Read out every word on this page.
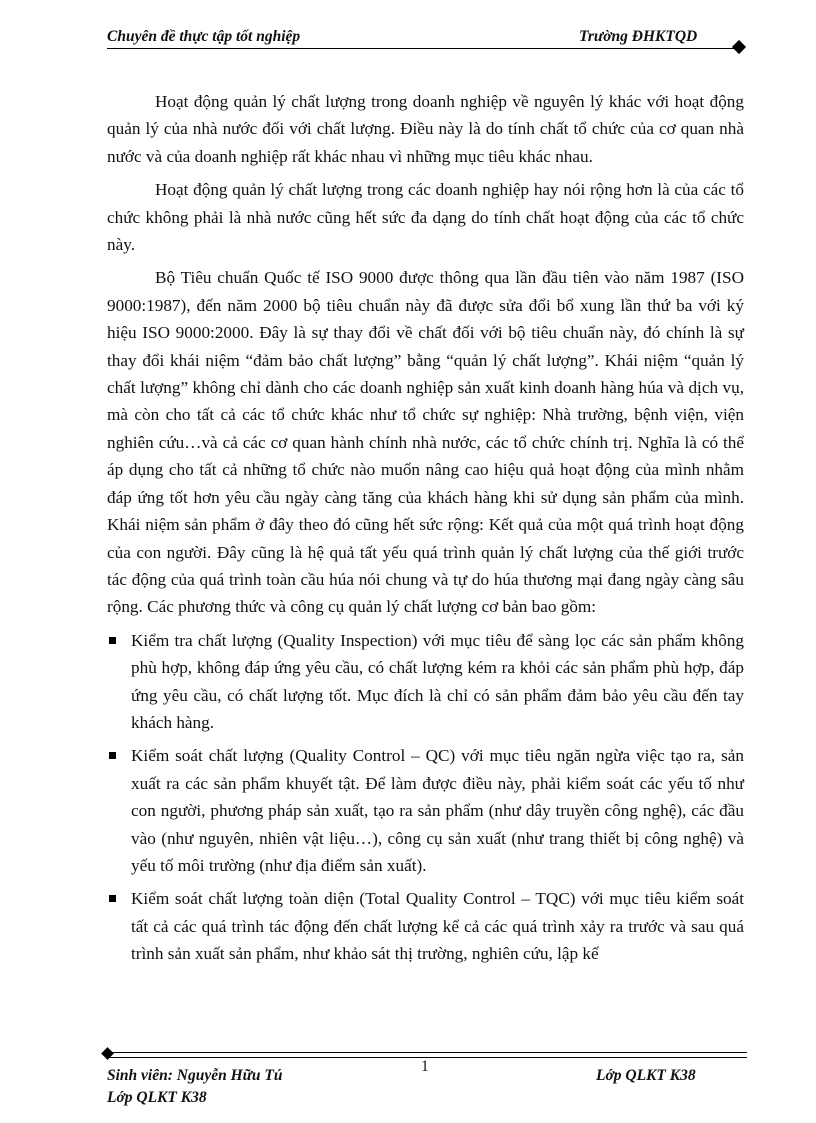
Chuyên đề thực tập tốt nghiệp	Trường ĐHKTQD

Hoạt động quản lý chất lượng trong doanh nghiệp về nguyên lý khác với hoạt động quản lý của nhà nước đối với chất lượng. Điều này là do tính chất tổ chức của cơ quan nhà nước và của doanh nghiệp rất khác nhau vì những mục tiêu khác nhau.

Hoạt động quản lý chất lượng trong các doanh nghiệp hay nói rộng hơn là của các tổ chức không phải là nhà nước cũng hết sức đa dạng do tính chất hoạt động của các tổ chức này.

Bộ Tiêu chuẩn Quốc tế ISO 9000 được thông qua lần đầu tiên vào năm 1987 (ISO 9000:1987), đến năm 2000 bộ tiêu chuẩn này đã được sửa đổi bổ xung lần thứ ba với ký hiệu ISO 9000:2000. Đây là sự thay đổi về chất đối với bộ tiêu chuẩn này, đó chính là sự thay đổi khái niệm “đảm bảo chất lượng” bằng “quản lý chất lượng”. Khái niệm “quản lý chất lượng” không chỉ dành cho các doanh nghiệp sản xuất kinh doanh hàng húa và dịch vụ, mà còn cho tất cả các tổ chức khác như tổ chức sự nghiệp: Nhà trường, bệnh viện, viện nghiên cứu…và cả các cơ quan hành chính nhà nước, các tổ chức chính trị. Nghĩa là có thể áp dụng cho tất cả những tổ chức nào muốn nâng cao hiệu quả hoạt động của mình nhằm đáp ứng tốt hơn yêu cầu ngày càng tăng của khách hàng khi sử dụng sản phẩm của mình. Khái niệm sản phẩm ở đây theo đó cũng hết sức rộng: Kết quả của một quá trình hoạt động của con người. Đây cũng là hệ quả tất yếu quá trình quản lý chất lượng của thế giới trước tác động của quá trình toàn cầu húa nói chung và tự do húa thương mại đang ngày càng sâu rộng. Các phương thức và công cụ quản lý chất lượng cơ bản bao gồm:

Kiểm tra chất lượng (Quality Inspection) với mục tiêu để sàng lọc các sản phẩm không phù hợp, không đáp ứng yêu cầu, có chất lượng kém ra khỏi các sản phẩm phù hợp, đáp ứng yêu cầu, có chất lượng tốt. Mục đích là chỉ có sản phẩm đảm bảo yêu cầu đến tay khách hàng.
Kiểm soát chất lượng (Quality Control – QC) với mục tiêu ngăn ngừa việc tạo ra, sản xuất ra các sản phẩm khuyết tật. Để làm được điều này, phải kiểm soát các yếu tố như con người, phương pháp sản xuất, tạo ra sản phẩm (như dây truyền công nghệ), các đầu vào (như nguyên, nhiên vật liệu…), công cụ sản xuất (như trang thiết bị công nghệ) và yếu tố môi trường (như địa điểm sản xuất).
Kiểm soát chất lượng toàn diện (Total Quality Control – TQC) với mục tiêu kiểm soát tất cả các quá trình tác động đến chất lượng kể cả các quá trình xảy ra trước và sau quá trình sản xuất sản phẩm, như khảo sát thị trường, nghiên cứu, lập kế
1
Sinh viên: Nguyễn Hữu Tú	Lớp QLKT K38
Lớp QLKT K38
